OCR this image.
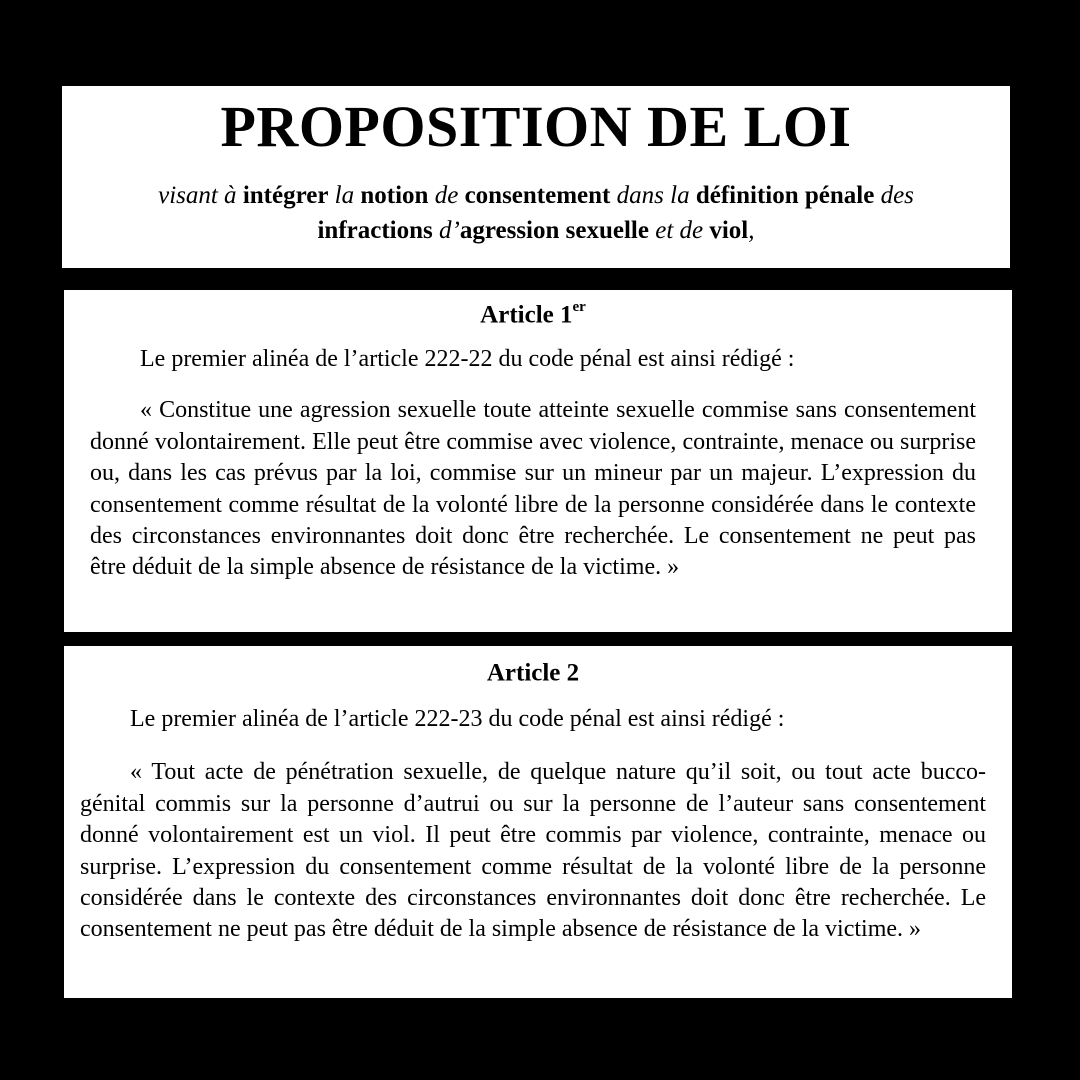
PROPOSITION DE LOI
visant à intégrer la notion de consentement dans la définition pénale des
infractions d’agression sexuelle et de viol,

Article 1er

Le premier alinéa de l’article 222-22 du code pénal est ainsi rédigé :

« Constitue une agression sexuelle toute atteinte sexuelle commise sans consentement donné volontairement. Elle peut être commise avec violence, contrainte, menace ou surprise ou, dans les cas prévus par la loi, commise sur un mineur par un majeur. L’expression du consentement comme résultat de la volonté libre de la personne considérée dans le contexte des circonstances environnantes doit donc être recherchée. Le consentement ne peut pas être déduit de la simple absence de résistance de la victime. »

Article 2

Le premier alinéa de l’article 222-23 du code pénal est ainsi rédigé :

« Tout acte de pénétration sexuelle, de quelque nature qu’il soit, ou tout acte bucco-génital commis sur la personne d’autrui ou sur la personne de l’auteur sans consentement donné volontairement est un viol. Il peut être commis par violence, contrainte, menace ou surprise. L’expression du consentement comme résultat de la volonté libre de la personne considérée dans le contexte des circonstances environnantes doit donc être recherchée. Le consentement ne peut pas être déduit de la simple absence de résistance de la victime. »
